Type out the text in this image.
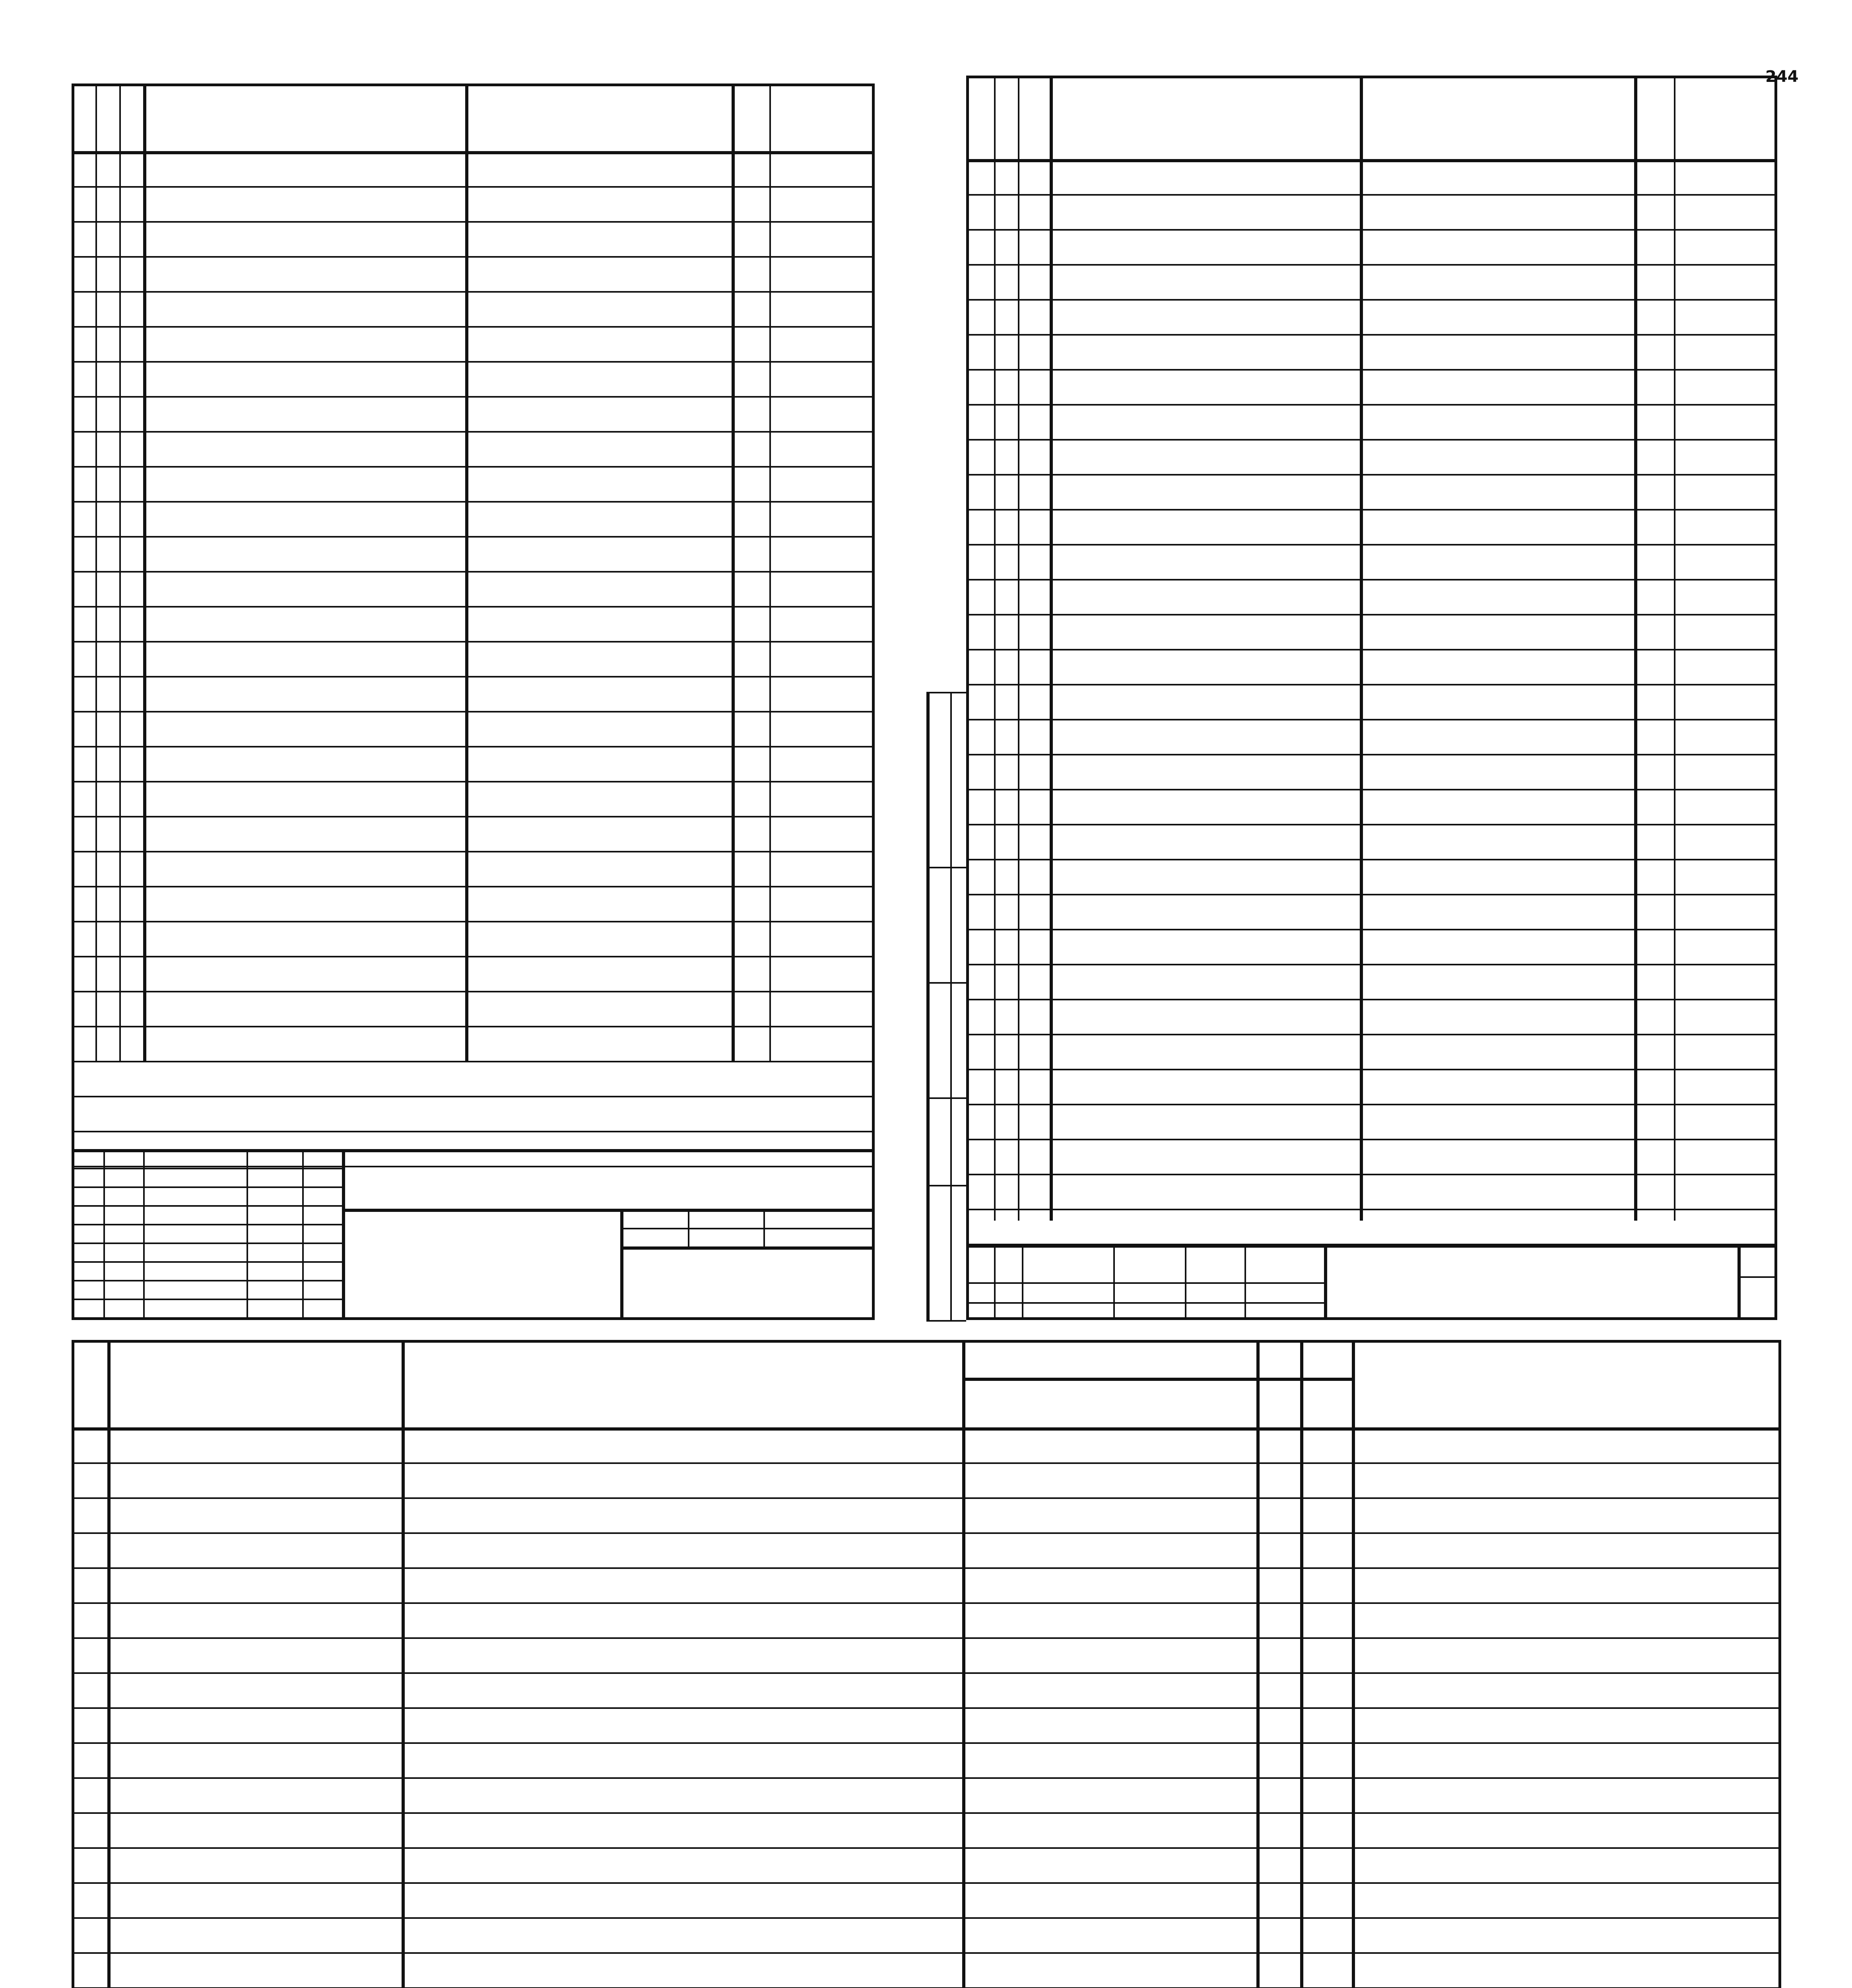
244
